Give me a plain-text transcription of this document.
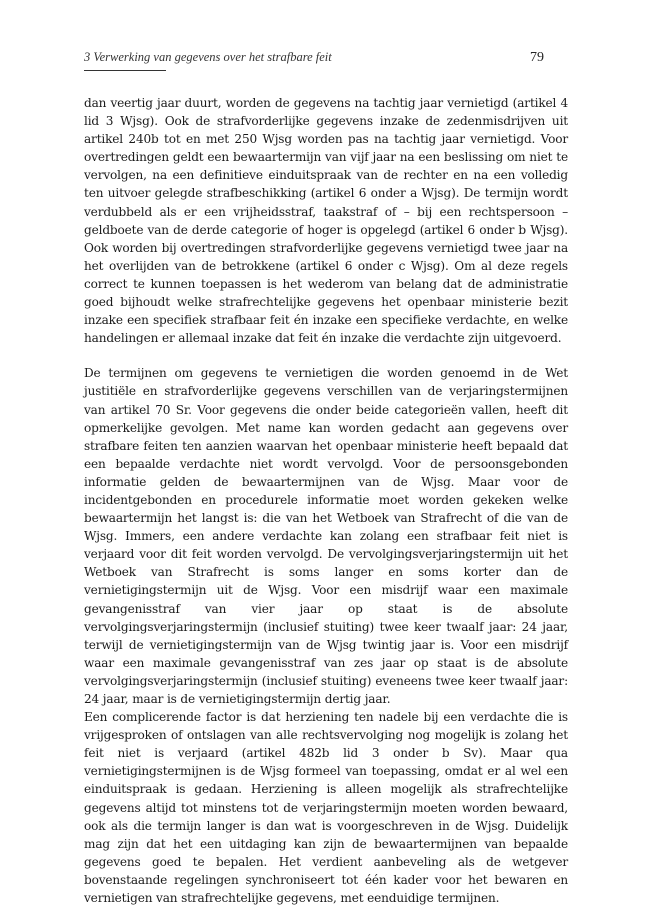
3 Verwerking van gegevens over het strafbare feit	79

dan veertig jaar duurt, worden de gegevens na tachtig jaar vernietigd (artikel 4 lid 3 Wjsg). Ook de strafvorderlijke gegevens inzake de zedenmisdrijven uit artikel 240b tot en met 250 Wjsg worden pas na tachtig jaar vernietigd. Voor overtredingen geldt een bewaartermijn van vijf jaar na een beslissing om niet te vervolgen, na een definitieve einduitspraak van de rechter en na een volledig ten uitvoer gelegde strafbeschikking (artikel 6 onder a Wjsg). De termijn wordt verdubbeld als er een vrijheidsstraf, taakstraf of – bij een rechtspersoon – geldboete van de derde categorie of hoger is opgelegd (artikel 6 onder b Wjsg). Ook worden bij overtredingen strafvorderlijke gegevens vernietigd twee jaar na het overlijden van de betrokkene (artikel 6 onder c Wjsg). Om al deze regels correct te kunnen toepassen is het wederom van belang dat de administratie goed bijhoudt welke strafrechtelijke gegevens het openbaar ministerie bezit inzake een specifiek strafbaar feit én inzake een specifieke verdachte, en welke handelingen er allemaal inzake dat feit én inzake die verdachte zijn uitgevoerd.

De termijnen om gegevens te vernietigen die worden genoemd in de Wet justitiële en strafvorderlijke gegevens verschillen van de verjaringstermijnen van artikel 70 Sr. Voor gegevens die onder beide categorieën vallen, heeft dit opmerkelijke gevolgen. Met name kan worden gedacht aan gegevens over strafbare feiten ten aanzien waarvan het openbaar ministerie heeft bepaald dat een bepaalde verdachte niet wordt vervolgd. Voor de persoonsgebonden informatie gelden de bewaartermijnen van de Wjsg. Maar voor de incidentgebonden en procedurele informatie moet worden gekeken welke bewaartermijn het langst is: die van het Wetboek van Strafrecht of die van de Wjsg. Immers, een andere verdachte kan zolang een strafbaar feit niet is verjaard voor dit feit worden vervolgd. De vervolgingsverjaringstermijn uit het Wetboek van Strafrecht is soms langer en soms korter dan de vernietigingstermijn uit de Wjsg. Voor een misdrijf waar een maximale gevangenisstraf van vier jaar op staat is de absolute vervolgingsverjaringstermijn (inclusief stuiting) twee keer twaalf jaar: 24 jaar, terwijl de vernietigingstermijn van de Wjsg twintig jaar is. Voor een misdrijf waar een maximale gevangenisstraf van zes jaar op staat is de absolute vervolgingsverjaringstermijn (inclusief stuiting) eveneens twee keer twaalf jaar: 24 jaar, maar is de vernietigingstermijn dertig jaar.

Een complicerende factor is dat herziening ten nadele bij een verdachte die is vrijgesproken of ontslagen van alle rechtsvervolging nog mogelijk is zolang het feit niet is verjaard (artikel 482b lid 3 onder b Sv). Maar qua vernietigingstermijnen is de Wjsg formeel van toepassing, omdat er al wel een einduitspraak is gedaan. Herziening is alleen mogelijk als strafrechtelijke gegevens altijd tot minstens tot de verjaringstermijn moeten worden bewaard, ook als die termijn langer is dan wat is voorgeschreven in de Wjsg. Duidelijk mag zijn dat het een uitdaging kan zijn de bewaartermijnen van bepaalde gegevens goed te bepalen. Het verdient aanbeveling als de wetgever bovenstaande regelingen synchroniseert tot één kader voor het bewaren en vernietigen van strafrechtelijke gegevens, met eenduidige termijnen.
